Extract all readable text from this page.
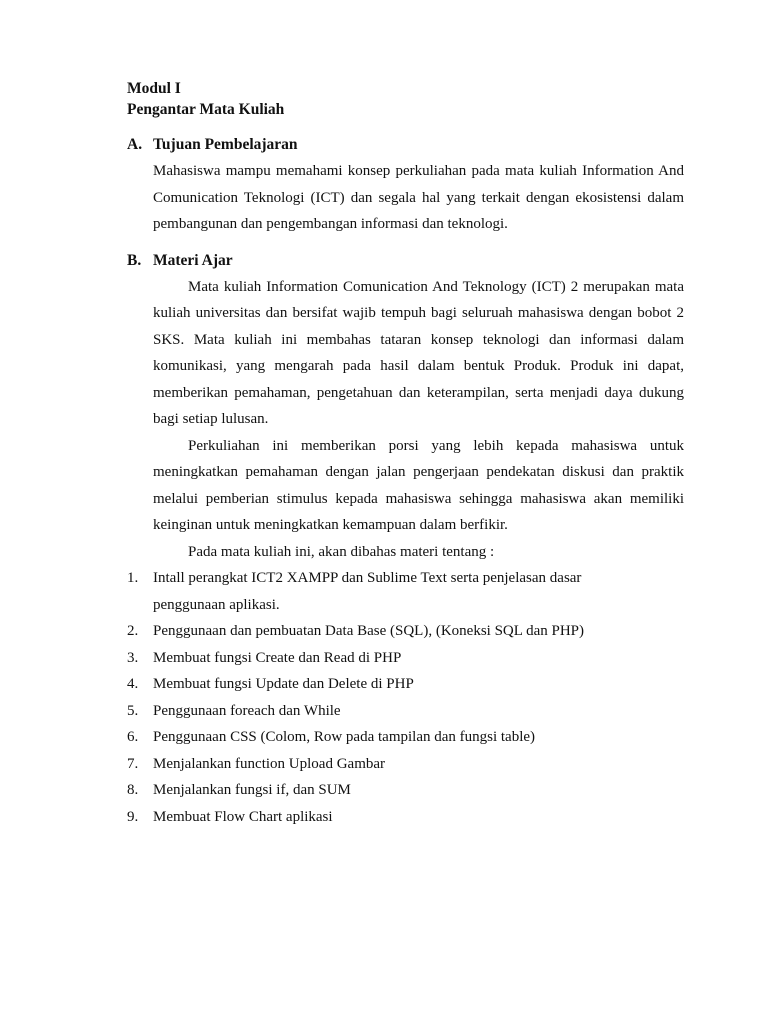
Modul I

Pengantar Mata Kuliah

A. Tujuan Pembelajaran

Mahasiswa mampu memahami konsep perkuliahan pada mata kuliah Information And Comunication Teknologi (ICT) dan segala hal yang terkait dengan ekosistensi dalam pembangunan dan pengembangan informasi dan teknologi.

B. Materi Ajar

Mata kuliah Information Comunication And Teknology (ICT) 2 merupakan mata kuliah universitas dan bersifat wajib tempuh bagi seluruah mahasiswa dengan bobot 2 SKS. Mata kuliah ini membahas tataran konsep teknologi dan informasi dalam komunikasi, yang mengarah pada hasil dalam bentuk Produk. Produk ini dapat, memberikan pemahaman, pengetahuan dan keterampilan, serta menjadi daya dukung bagi setiap lulusan.

Perkuliahan ini memberikan porsi yang lebih kepada mahasiswa untuk meningkatkan pemahaman dengan jalan pengerjaan pendekatan diskusi dan praktik melalui pemberian stimulus kepada mahasiswa sehingga mahasiswa akan memiliki keinginan untuk meningkatkan kemampuan dalam berfikir.

Pada mata kuliah ini, akan dibahas materi tentang :

1. Intall perangkat ICT2 XAMPP dan Sublime Text serta penjelasan dasar
penggunaan aplikasi.
2. Penggunaan dan pembuatan Data Base (SQL), (Koneksi SQL dan PHP)
3. Membuat fungsi Create dan Read di PHP
4. Membuat fungsi Update dan Delete di PHP
5. Penggunaan foreach dan While
6. Penggunaan CSS (Colom, Row pada tampilan dan fungsi table)
7. Menjalankan function Upload Gambar
8. Menjalankan fungsi if, dan SUM
9. Membuat Flow Chart aplikasi
